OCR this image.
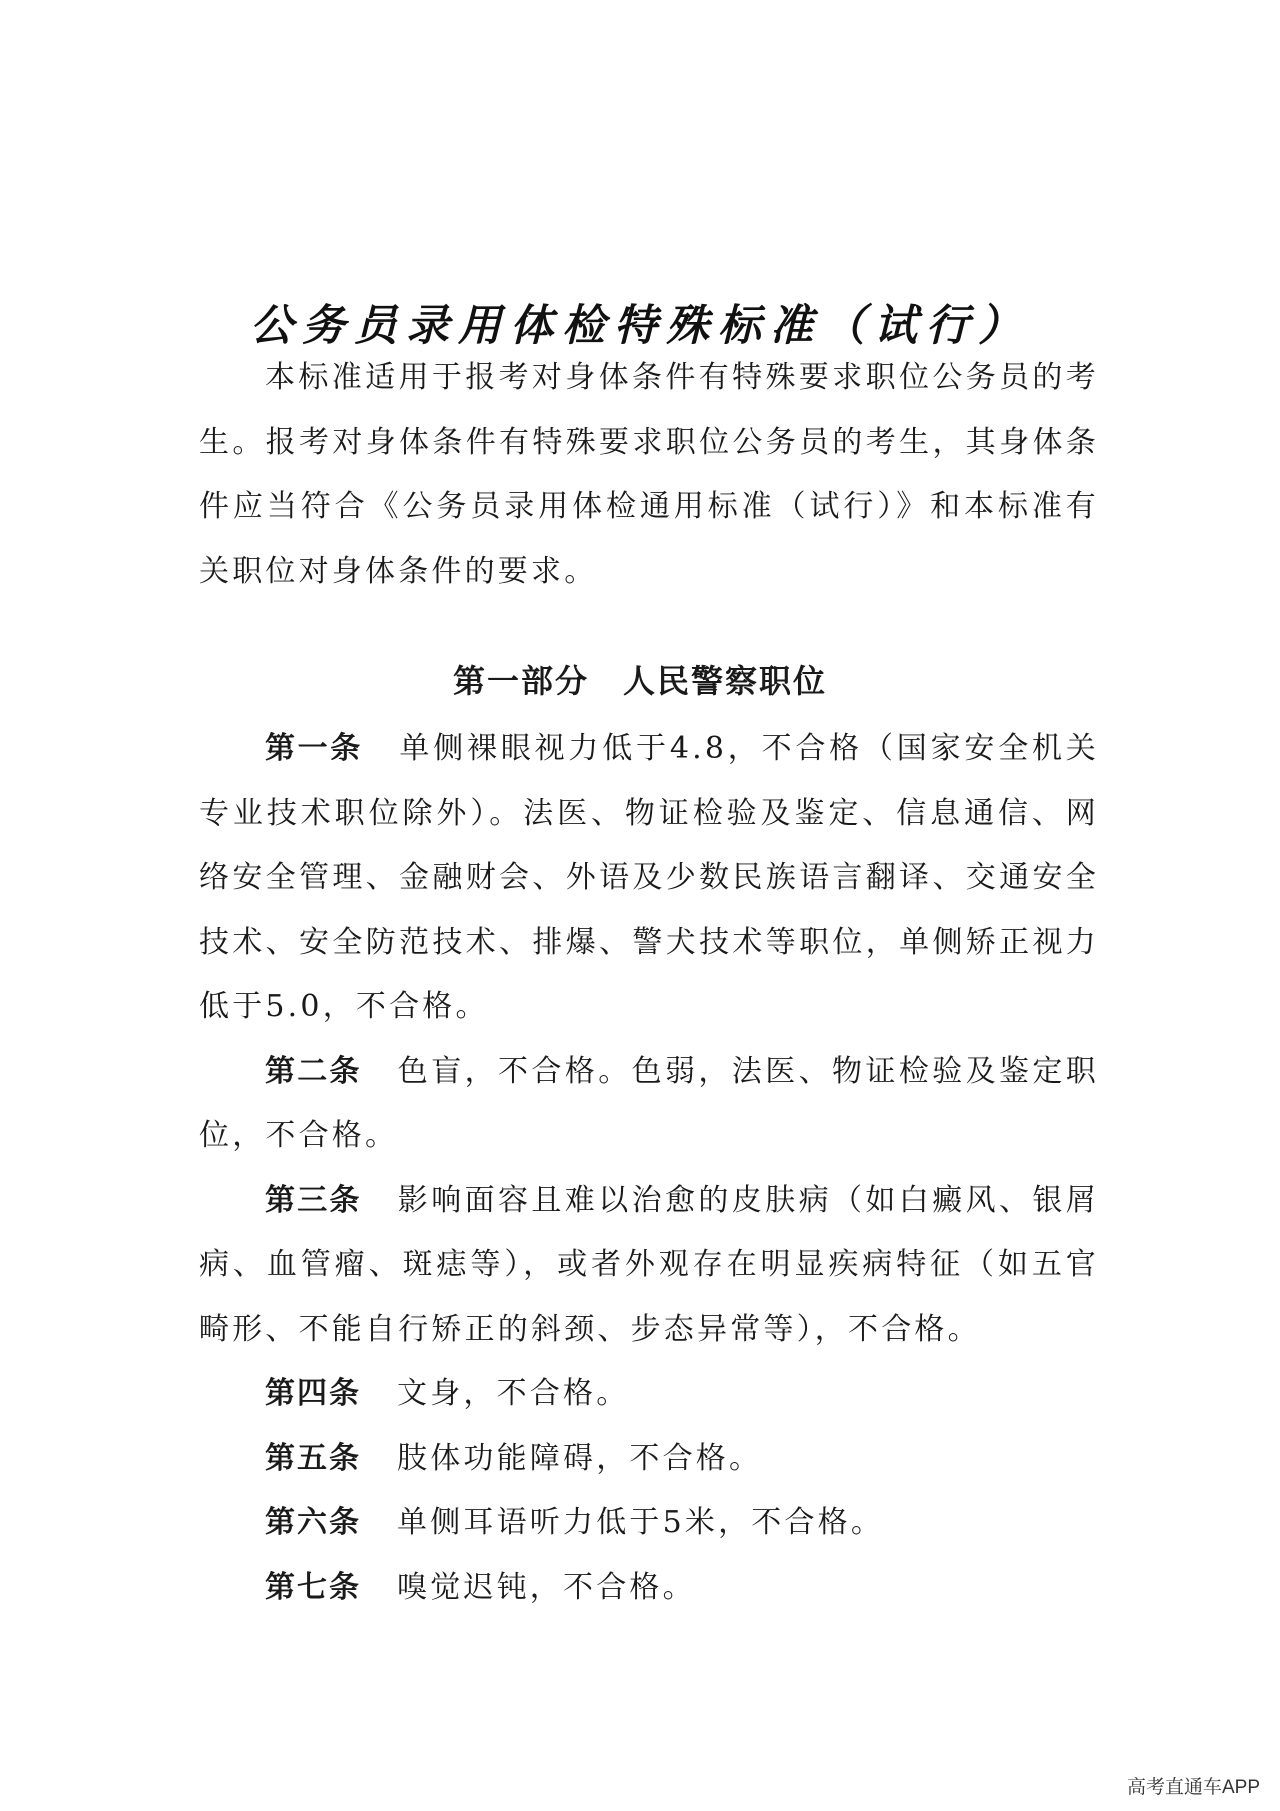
公务员录用体检特殊标准（试行）

本标准适用于报考对身体条件有特殊要求职位公务员的考生。报考对身体条件有特殊要求职位公务员的考生，其身体条件应当符合《公务员录用体检通用标准（试行）》和本标准有关职位对身体条件的要求。

第一部分　人民警察职位

第一条 单侧裸眼视力低于4.8，不合格（国家安全机关专业技术职位除外）。法医、物证检验及鉴定、信息通信、网络安全管理、金融财会、外语及少数民族语言翻译、交通安全技术、安全防范技术、排爆、警犬技术等职位，单侧矫正视力低于5.0，不合格。

第二条 色盲，不合格。色弱，法医、物证检验及鉴定职位，不合格。

第三条 影响面容且难以治愈的皮肤病（如白癜风、银屑病、血管瘤、斑痣等），或者外观存在明显疾病特征（如五官畸形、不能自行矫正的斜颈、步态异常等），不合格。

第四条 文身，不合格。

第五条 肢体功能障碍，不合格。

第六条 单侧耳语听力低于5米，不合格。

第七条 嗅觉迟钝，不合格。

高考直通车APP
